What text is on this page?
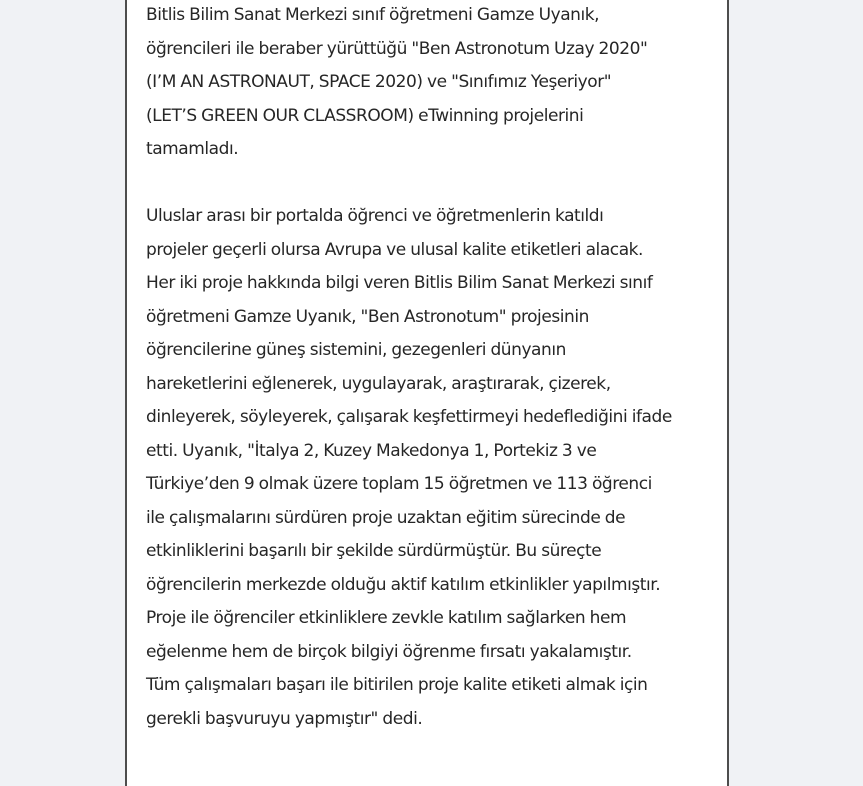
Bitlis Bilim Sanat Merkezi sınıf öğretmeni Gamze Uyanık,
öğrencileri ile beraber yürüttüğü "Ben Astronotum Uzay 2020"
(I’M AN ASTRONAUT, SPACE 2020) ve "Sınıfımız Yeşeriyor"
(LET’S GREEN OUR CLASSROOM) eTwinning projelerini
tamamladı.

Uluslar arası bir portalda öğrenci ve öğretmenlerin katıldı
projeler geçerli olursa Avrupa ve ulusal kalite etiketleri alacak.
Her iki proje hakkında bilgi veren Bitlis Bilim Sanat Merkezi sınıf
öğretmeni Gamze Uyanık, "Ben Astronotum" projesinin
öğrencilerine güneş sistemini, gezegenleri dünyanın
hareketlerini eğlenerek, uygulayarak, araştırarak, çizerek,
dinleyerek, söyleyerek, çalışarak keşfettirmeyi hedeflediğini ifade
etti. Uyanık, "İtalya 2, Kuzey Makedonya 1, Portekiz 3 ve
Türkiye’den 9 olmak üzere toplam 15 öğretmen ve 113 öğrenci
ile çalışmalarını sürdüren proje uzaktan eğitim sürecinde de
etkinliklerini başarılı bir şekilde sürdürmüştür. Bu süreçte
öğrencilerin merkezde olduğu aktif katılım etkinlikler yapılmıştır.
Proje ile öğrenciler etkinliklere zevkle katılım sağlarken hem
eğelenme hem de birçok bilgiyi öğrenme fırsatı yakalamıştır.
Tüm çalışmaları başarı ile bitirilen proje kalite etiketi almak için
gerekli başvuruyu yapmıştır" dedi.
